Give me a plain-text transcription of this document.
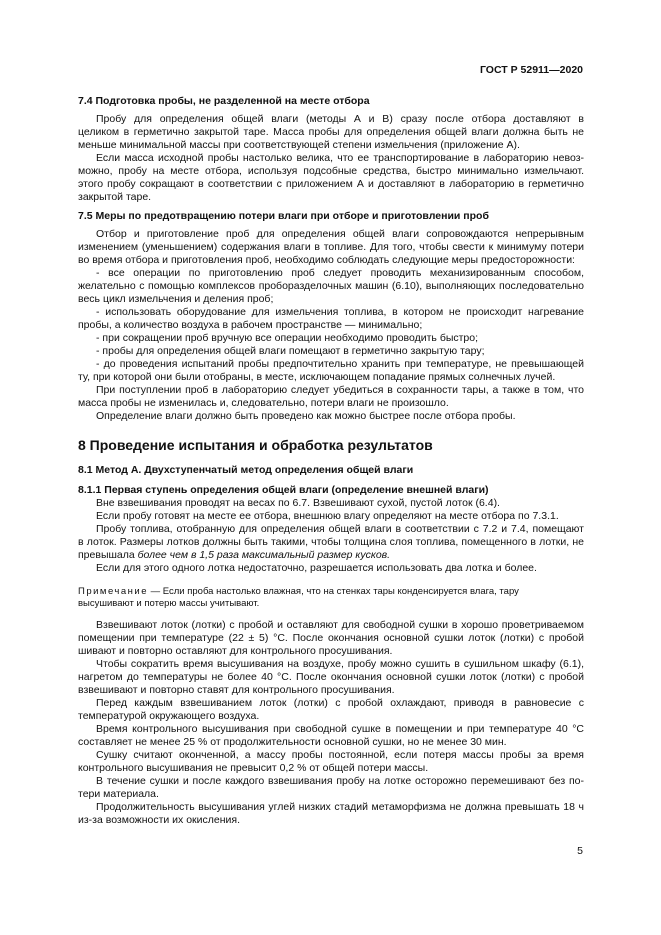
ГОСТ Р 52911—2020
7.4 Подготовка пробы, не разделенной на месте отбора
Пробу для определения общей влаги (методы А и В) сразу после отбора доставляют в
целиком в герметично закрытой таре. Масса пробы для определения общей влаги должна быть не
меньше минимальной массы при соответствующей степени измельчения (приложение А).
Если масса исходной пробы настолько велика, что ее транспортирование в лабораторию невоз-
можно, пробу на месте отбора, используя подсобные средства, быстро минимально измельчают.
этого пробу сокращают в соответствии с приложением А и доставляют в лабораторию в герметично
закрытой таре.
7.5 Меры по предотвращению потери влаги при отборе и приготовлении проб
Отбор и приготовление проб для определения общей влаги сопровождаются непрерывным
изменением (уменьшением) содержания влаги в топливе. Для того, чтобы свести к минимуму потери
во время отбора и приготовления проб, необходимо соблюдать следующие меры предосторожности:
- все операции по приготовлению проб следует проводить механизированным способом,
желательно с помощью комплексов проборазделочных машин (6.10), выполняющих последовательно
весь цикл измельчения и деления проб;
- использовать оборудование для измельчения топлива, в котором не происходит нагревание
пробы, а количество воздуха в рабочем пространстве — минимально;
- при сокращении проб вручную все операции необходимо проводить быстро;
- пробы для определения общей влаги помещают в герметично закрытую тару;
- до проведения испытаний пробы предпочтительно хранить при температуре, не превышающей
ту, при которой они были отобраны, в месте, исключающем попадание прямых солнечных лучей.
При поступлении проб в лабораторию следует убедиться в сохранности тары, а также в том, что
масса пробы не изменилась и, следовательно, потери влаги не произошло.
Определение влаги должно быть проведено как можно быстрее после отбора пробы.
8 Проведение испытания и обработка результатов
8.1 Метод А. Двухступенчатый метод определения общей влаги
8.1.1 Первая ступень определения общей влаги (определение внешней влаги)
Вне взвешивания проводят на весах по 6.7. Взвешивают сухой, пустой лоток (6.4).
Если пробу готовят на месте ее отбора, внешнюю влагу определяют на месте отбора по 7.3.1.
Пробу топлива, отобранную для определения общей влаги в соответствии с 7.2 и 7.4, помещают
в лоток. Размеры лотков должны быть такими, чтобы толщина слоя топлива, помещенного в лотки, не
превышала более чем в 1,5 раза максимальный размер кусков.
Если для этого одного лотка недостаточно, разрешается использовать два лотка и более.
Примечание — Если проба настолько влажная, что на стенках тары конденсируется влага, тару
высушивают и потерю массы учитывают.
Взвешивают лоток (лотки) с пробой и оставляют для свободной сушки в хорошо проветриваемом
помещении при температуре (22 ± 5) °С. После окончания основной сушки лоток (лотки) с пробой
шивают и повторно оставляют для контрольного просушивания.
Чтобы сократить время высушивания на воздухе, пробу можно сушить в сушильном шкафу (6.1),
нагретом до температуры не более 40 °С. После окончания основной сушки лоток (лотки) с пробой
взвешивают и повторно ставят для контрольного просушивания.
Перед каждым взвешиванием лоток (лотки) с пробой охлаждают, приводя в равновесие с
температурой окружающего воздуха.
Время контрольного высушивания при свободной сушке в помещении и при температуре 40 °С
составляет не менее 25 % от продолжительности основной сушки, но не менее 30 мин.
Сушку считают оконченной, а массу пробы постоянной, если потеря массы пробы за время
контрольного высушивания не превысит 0,2 % от общей потери массы.
В течение сушки и после каждого взвешивания пробу на лотке осторожно перемешивают без по-
тери материала.
Продолжительность высушивания углей низких стадий метаморфизма не должна превышать 18 ч
из-за возможности их окисления.
5
